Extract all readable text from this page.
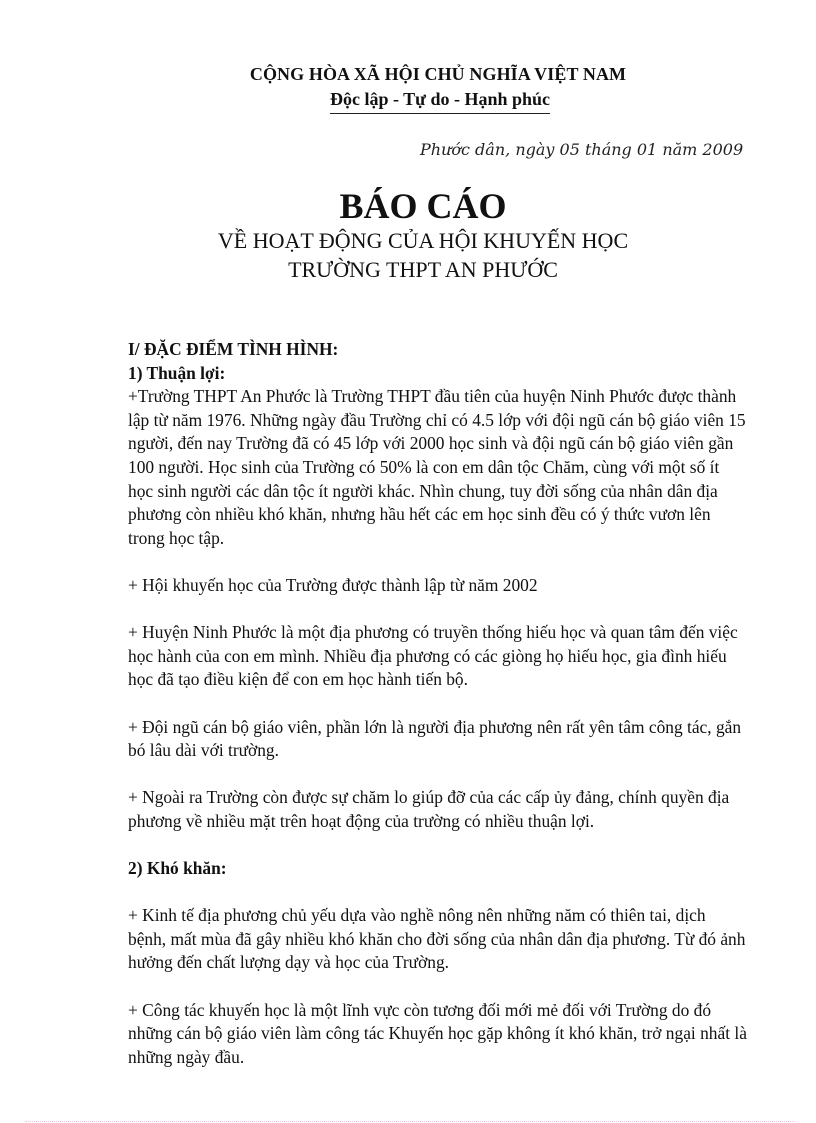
CỘNG HÒA XÃ HỘI CHỦ NGHĨA VIỆT NAM
Độc lập - Tự do - Hạnh phúc
Phước dân, ngày 05 tháng 01 năm 2009
BÁO CÁO
VỀ HOẠT ĐỘNG CỦA HỘI KHUYẾN HỌC
TRƯỜNG THPT AN PHƯỚC
I/ ĐẶC ĐIỂM TÌNH HÌNH:
1) Thuận lợi:

+Trường THPT An Phước là Trường THPT đầu tiên của huyện Ninh Phước được thành lập từ năm 1976. Những ngày đầu Trường chỉ có 4.5 lớp với đội ngũ cán bộ giáo viên 15 người, đến nay Trường đã có 45 lớp với 2000 học sinh và đội ngũ cán bộ giáo viên gần 100 người. Học sinh của Trường có 50% là con em dân tộc Chăm, cùng với một số ít học sinh người các dân tộc ít người khác. Nhìn chung, tuy đời sống của nhân dân địa phương còn nhiều khó khăn, nhưng hầu hết các em học sinh đều có ý thức vươn lên trong học tập.

+ Hội khuyến học của Trường được thành lập từ năm 2002

+ Huyện Ninh Phước là một địa phương có truyền thống hiếu học và quan tâm đến việc học hành của con em mình. Nhiều địa phương có các giòng họ hiếu học, gia đình hiếu học đã tạo điều kiện để con em học hành tiến bộ.

+ Đội ngũ cán bộ giáo viên, phần lớn là người địa phương nên rất yên tâm công tác, gắn bó lâu dài với trường.

+ Ngoài ra Trường còn được sự chăm lo giúp đỡ của các cấp ủy đảng, chính quyền địa phương về nhiều mặt trên hoạt động của trường có nhiều thuận lợi.

2) Khó khăn:

+ Kinh tế địa phương chủ yếu dựa vào nghề nông nên những năm có thiên tai, dịch bệnh, mất mùa đã gây nhiều khó khăn cho đời sống của nhân dân địa phương. Từ đó ảnh hưởng đến chất lượng dạy và học của Trường.

+ Công tác khuyến học là một lĩnh vực còn tương đối mới mẻ đối với Trường do đó những cán bộ giáo viên làm công tác Khuyến học gặp không ít khó khăn, trở ngại nhất là những ngày đầu.
